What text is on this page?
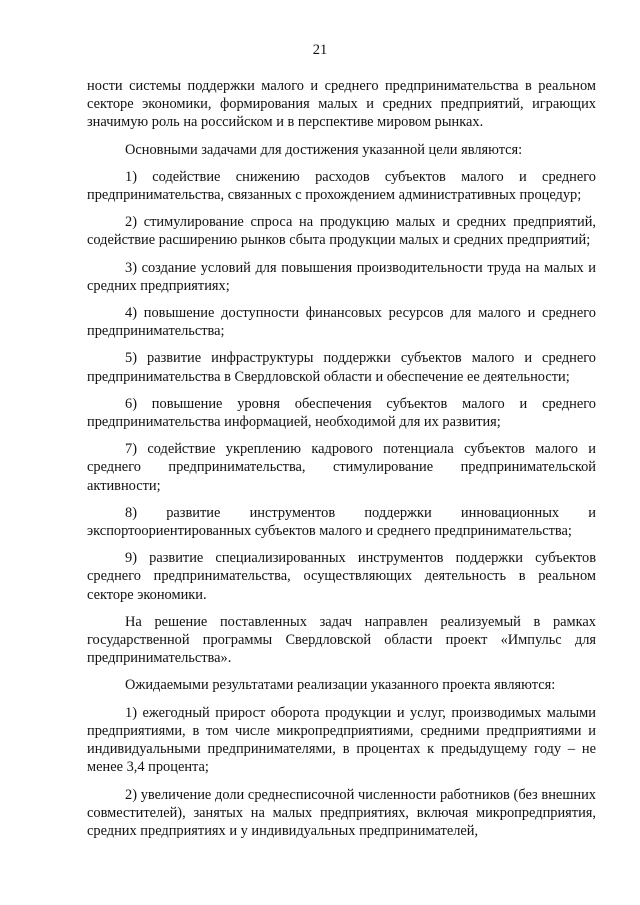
21

ности системы поддержки малого и среднего предпринимательства в реальном секторе экономики, формирования малых и средних предприятий, играющих значимую роль на российском и в перспективе мировом рынках.

Основными задачами для достижения указанной цели являются:

1) содействие снижению расходов субъектов малого и среднего предпринимательства, связанных с прохождением административных процедур;

2) стимулирование спроса на продукцию малых и средних предприятий, содействие расширению рынков сбыта продукции малых и средних предприятий;

3) создание условий для повышения производительности труда на малых и средних предприятиях;

4) повышение доступности финансовых ресурсов для малого и среднего предпринимательства;

5) развитие инфраструктуры поддержки субъектов малого и среднего предпринимательства в Свердловской области и обеспечение ее деятельности;

6) повышение уровня обеспечения субъектов малого и среднего предпринимательства информацией, необходимой для их развития;

7) содействие укреплению кадрового потенциала субъектов малого и среднего предпринимательства, стимулирование предпринимательской активности;

8) развитие инструментов поддержки инновационных и экспортоориентированных субъектов малого и среднего предпринимательства;

9) развитие специализированных инструментов поддержки субъектов среднего предпринимательства, осуществляющих деятельность в реальном секторе экономики.

На решение поставленных задач направлен реализуемый в рамках государственной программы Свердловской области проект «Импульс для предпринимательства».

Ожидаемыми результатами реализации указанного проекта являются:

1) ежегодный прирост оборота продукции и услуг, производимых малыми предприятиями, в том числе микропредприятиями, средними предприятиями и индивидуальными предпринимателями, в процентах к предыдущему году – не менее 3,4 процента;

2) увеличение доли среднесписочной численности работников (без внешних совместителей), занятых на малых предприятиях, включая микропредприятия, средних предприятиях и у индивидуальных предпринимателей,
